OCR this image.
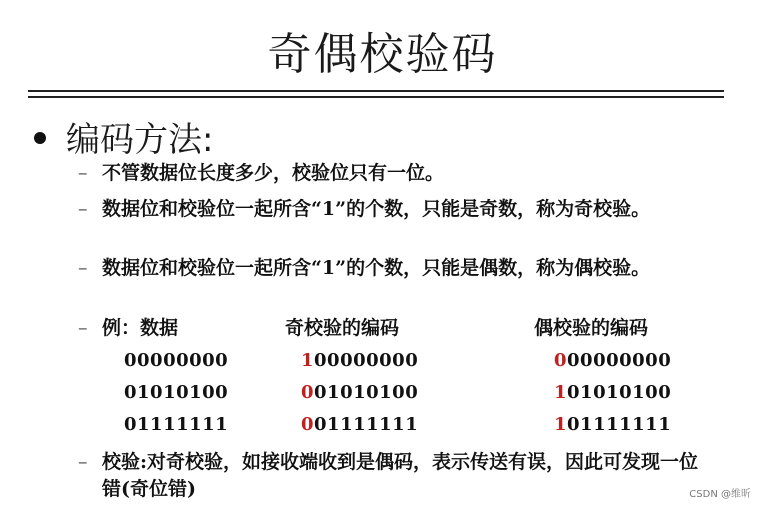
奇偶校验码
编码方法:
– 不管数据位长度多少，校验位只有一位。
– 数据位和校验位一起所含“1”的个数，只能是奇数，称为奇校验。
– 数据位和校验位一起所含“1”的个数，只能是偶数，称为偶校验。
– 例：数据	奇校验的编码	偶校验的编码
00000000	100000000	000000000
01010100	001010100	101010100
01111111	001111111	101111111
– 校验:对奇校验，如接收端收到是偶码，表示传送有误，因此可发现一位错(奇位错)	CSDN @维昕
